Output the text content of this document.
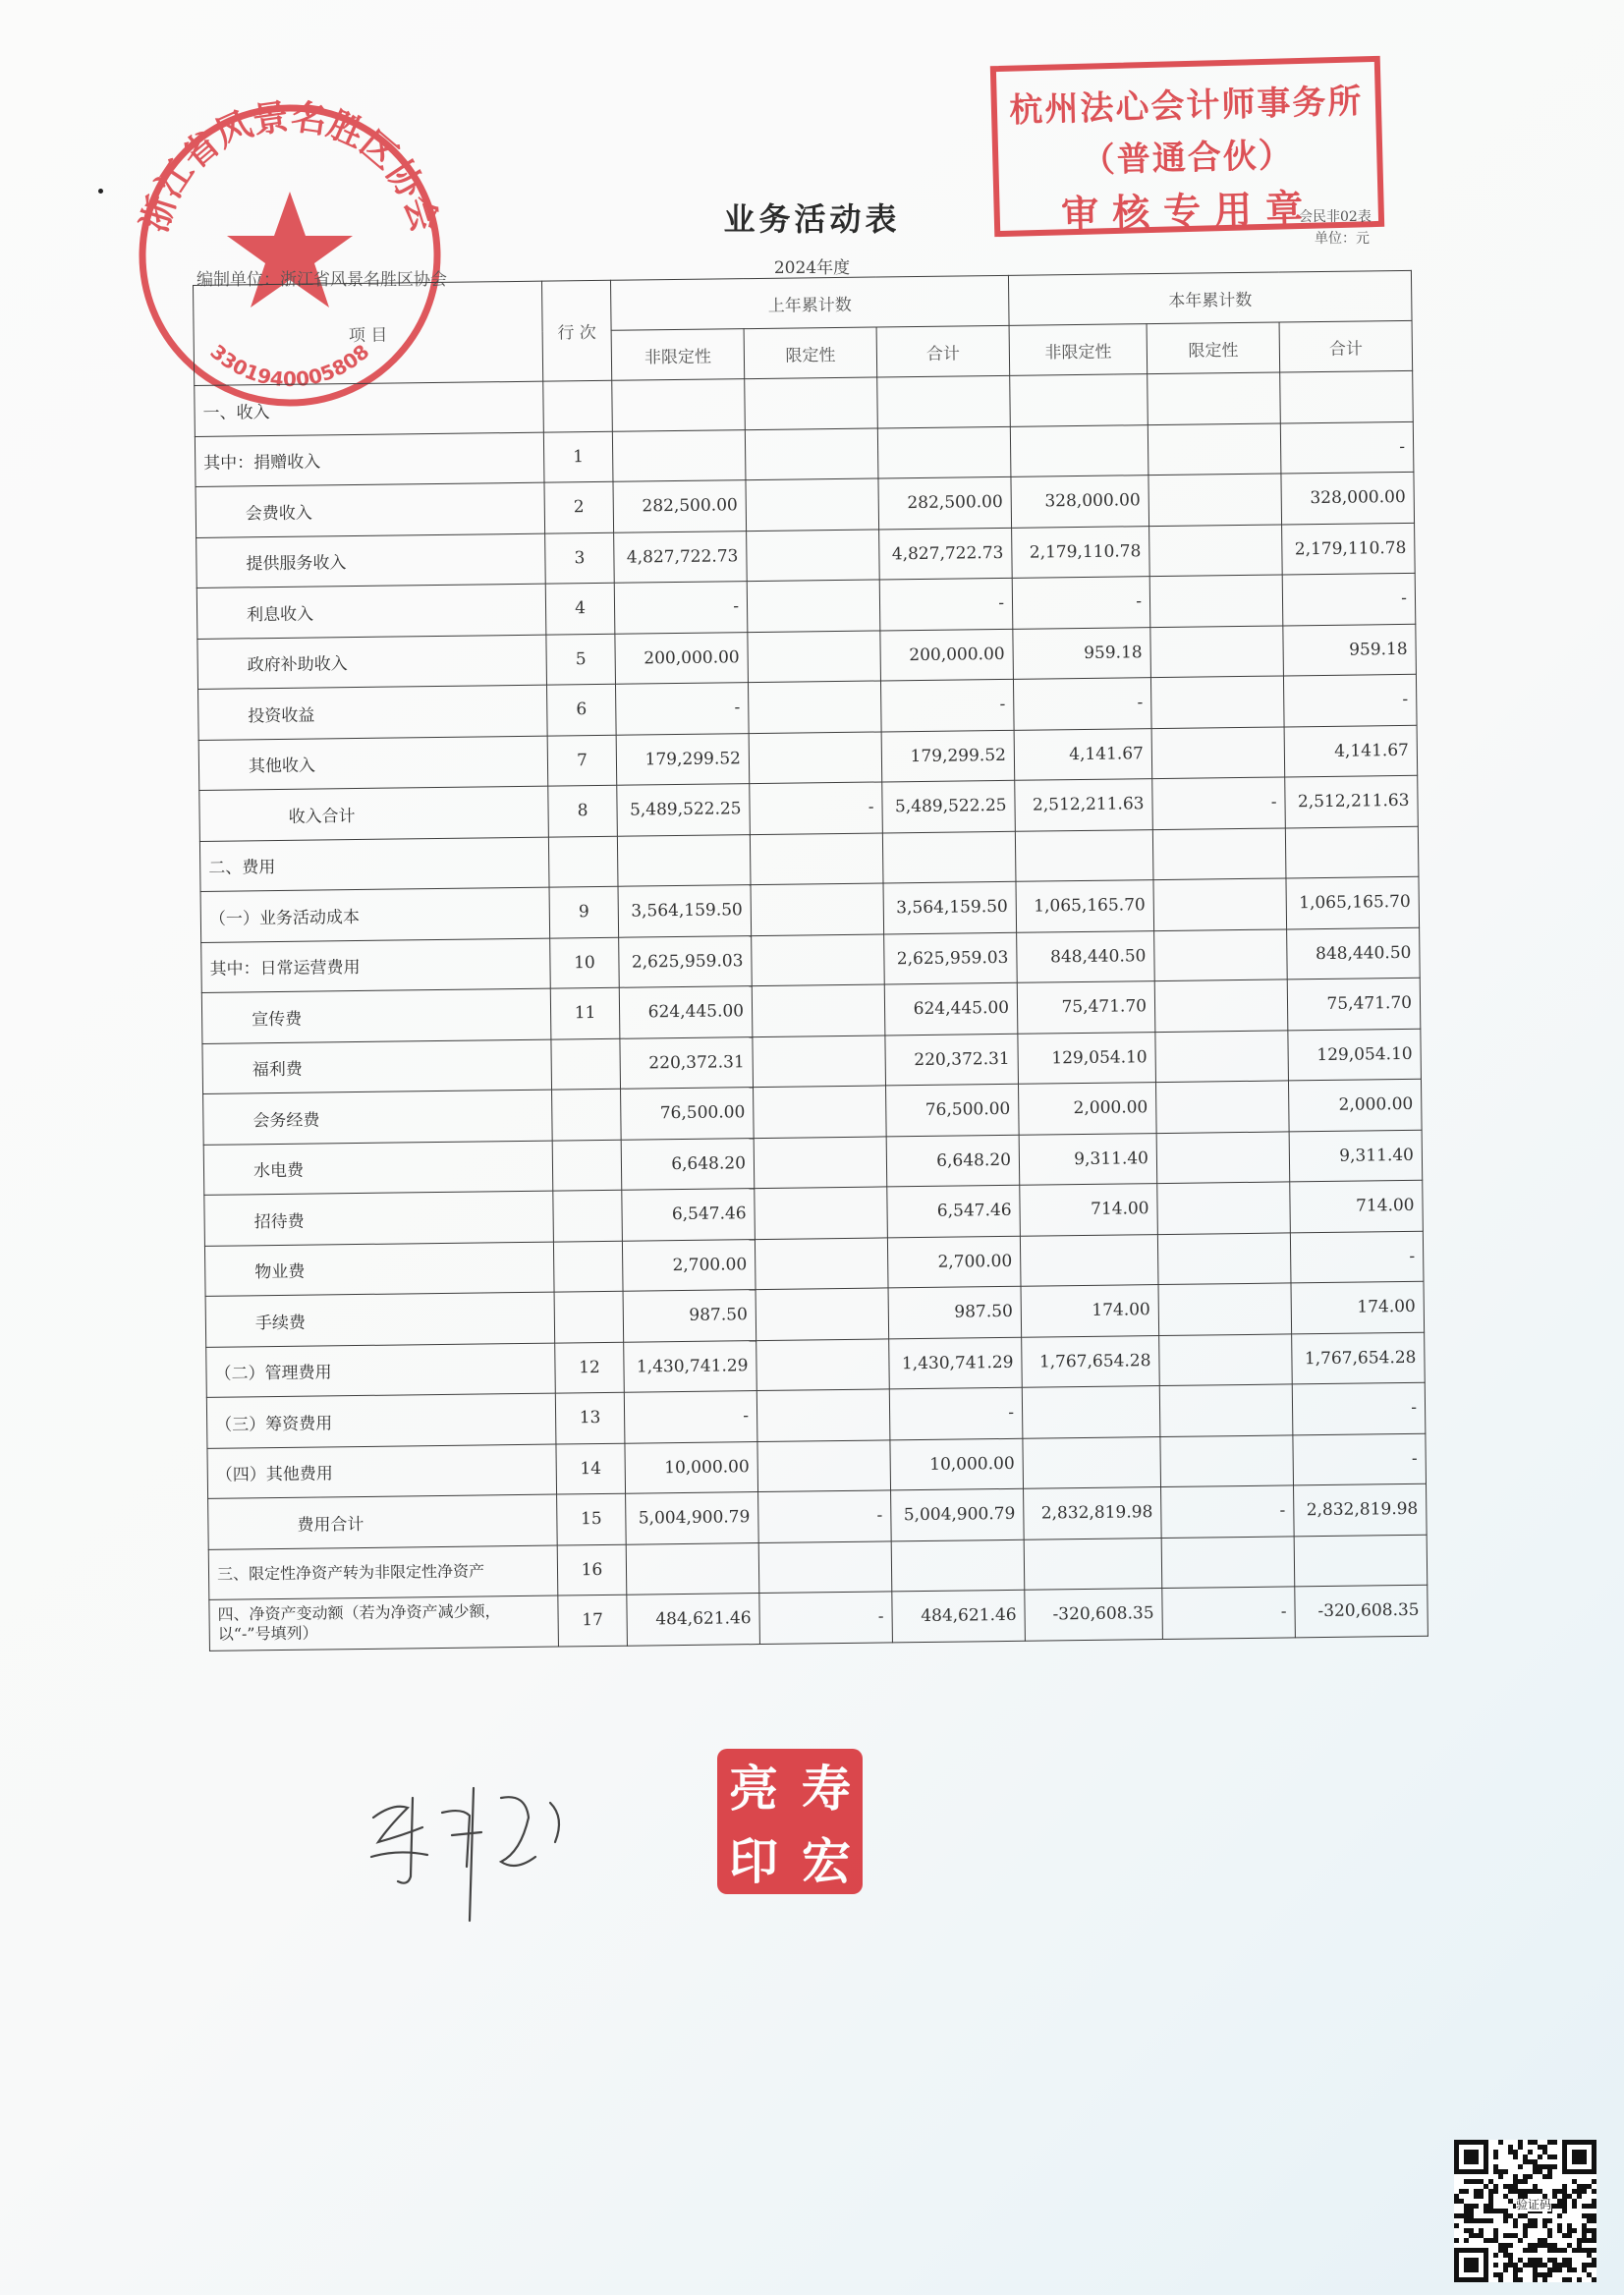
浙江省风景名胜区协会
3301940005808
杭州法心会计师事务所
（普通合伙）
审核专用章
业务活动表	会民非02表
单位：元
2024年度
编制单位：浙江省风景名胜区协会
项 目	行 次	上年累计数			本年累计数		
		非限定性	限定性	合计	非限定性	限定性	合计
一、收入							
其中：捐赠收入	1						-
会费收入	2	282,500.00		282,500.00	328,000.00		328,000.00
提供服务收入	3	4,827,722.73		4,827,722.73	2,179,110.78		2,179,110.78
利息收入	4	-		-	-		-
政府补助收入	5	200,000.00		200,000.00	959.18		959.18
投资收益	6	-		-	-		-
其他收入	7	179,299.52		179,299.52	4,141.67		4,141.67
收入合计	8	5,489,522.25	-	5,489,522.25	2,512,211.63	-	2,512,211.63
二、费用							
（一）业务活动成本	9	3,564,159.50		3,564,159.50	1,065,165.70		1,065,165.70
其中：日常运营费用	10	2,625,959.03		2,625,959.03	848,440.50		848,440.50
宣传费	11	624,445.00		624,445.00	75,471.70		75,471.70
福利费		220,372.31		220,372.31	129,054.10		129,054.10
会务经费		76,500.00		76,500.00	2,000.00		2,000.00
水电费		6,648.20		6,648.20	9,311.40		9,311.40
招待费		6,547.46		6,547.46	714.00		714.00
物业费		2,700.00		2,700.00			-
手续费		987.50		987.50	174.00		174.00
（二）管理费用	12	1,430,741.29		1,430,741.29	1,767,654.28		1,767,654.28
（三）筹资费用	13	-		-			-
（四）其他费用	14	10,000.00		10,000.00			-
费用合计	15	5,004,900.79	-	5,004,900.79	2,832,819.98	-	2,832,819.98
三、限定性净资产转为非限定性净资产	16						
四、净资产变动额（若为净资产减少额，以“-”号填列）	17	484,621.46	-	484,621.46	-320,608.35	-	-320,608.35
亮 寿
印 宏
验证码
